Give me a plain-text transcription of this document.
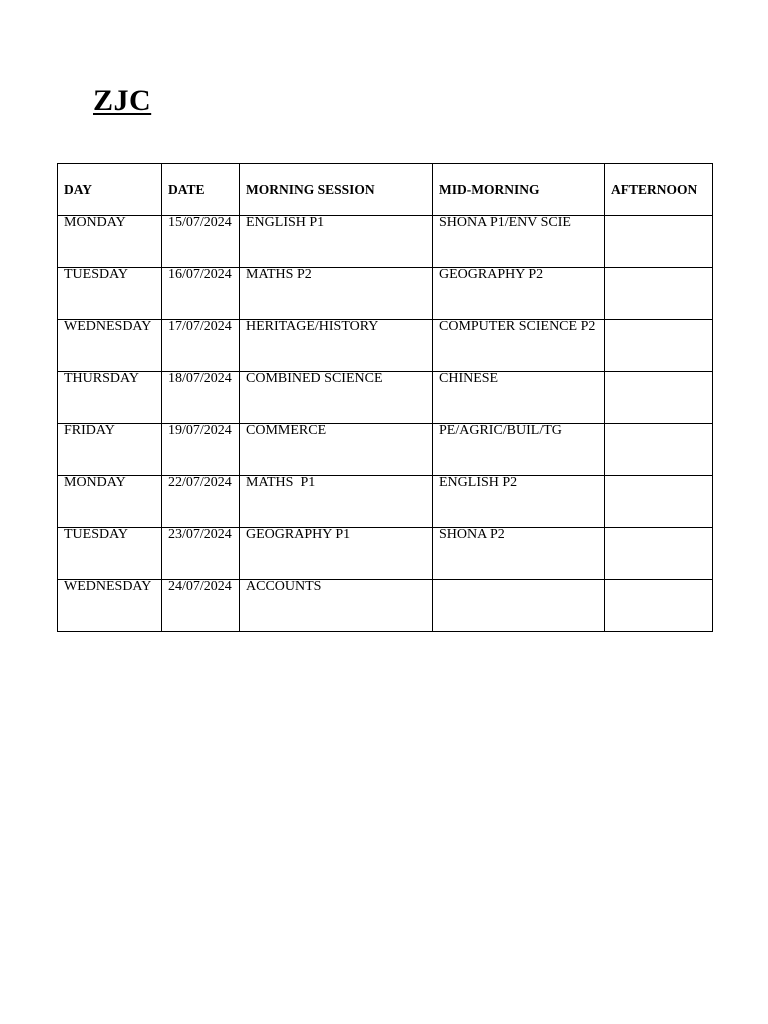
ZJC
DAY	DATE	MORNING SESSION	MID-MORNING	AFTERNOON

MONDAY	15/07/2024	ENGLISH P1	SHONA P1/ENV SCIE	

TUESDAY	16/07/2024	MATHS P2	GEOGRAPHY P2	

WEDNESDAY	17/07/2024	HERITAGE/HISTORY	COMPUTER SCIENCE P2	

THURSDAY	18/07/2024	COMBINED SCIENCE	CHINESE	

FRIDAY	19/07/2024	COMMERCE	PE/AGRIC/BUIL/TG	

MONDAY	22/07/2024	MATHS  P1	ENGLISH P2	

TUESDAY	23/07/2024	GEOGRAPHY P1	SHONA P2	

WEDNESDAY	24/07/2024	ACCOUNTS		
